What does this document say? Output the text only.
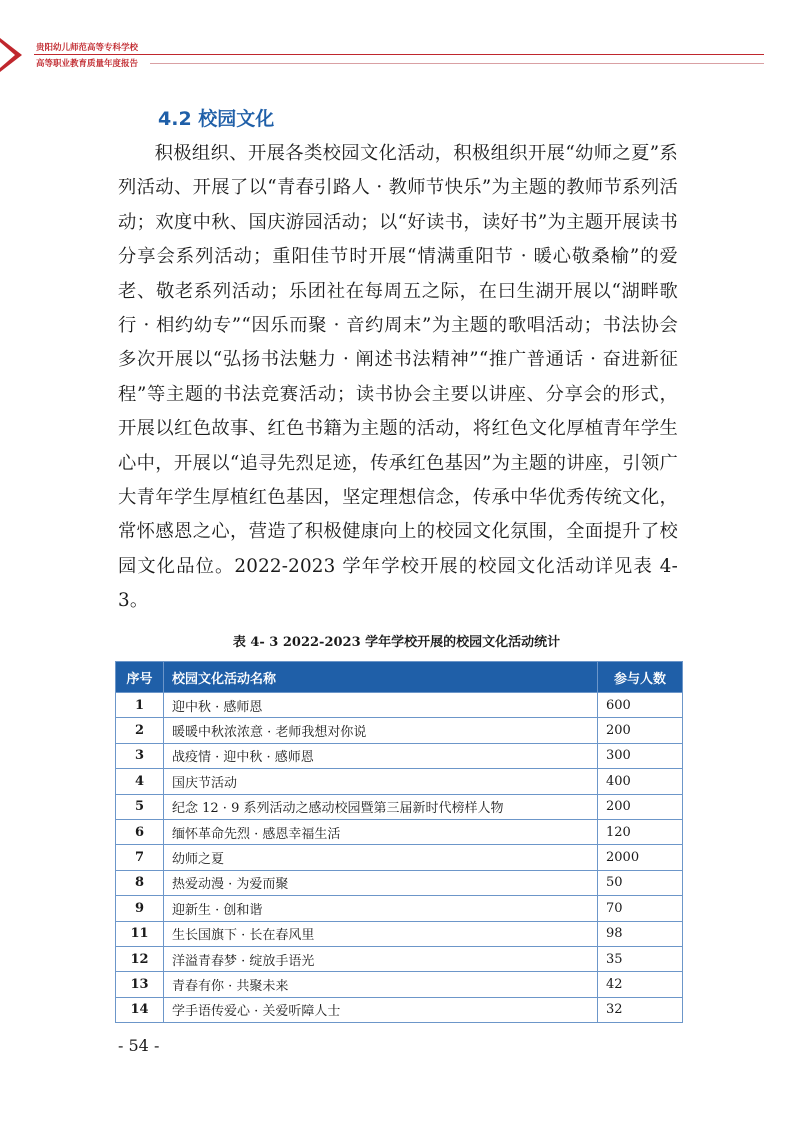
贵阳幼儿师范高等专科学校
高等职业教育质量年度报告
4.2 校园文化
积极组织、开展各类校园文化活动，积极组织开展“幼师之夏”系列活动、开展了以“青春引路人 · 教师节快乐”为主题的教师节系列活动；欢度中秋、国庆游园活动；以“好读书，读好书”为主题开展读书分享会系列活动；重阳佳节时开展“情满重阳节 · 暖心敬桑榆”的爱老、敬老系列活动；乐团社在每周五之际，在曰生湖开展以“湖畔歌行 · 相约幼专”“因乐而聚 · 音约周末”为主题的歌唱活动；书法协会多次开展以“弘扬书法魅力 · 阐述书法精神”“推广普通话 · 奋进新征程”等主题的书法竞赛活动；读书协会主要以讲座、分享会的形式，开展以红色故事、红色书籍为主题的活动，将红色文化厚植青年学生心中，开展以“追寻先烈足迹，传承红色基因”为主题的讲座，引领广大青年学生厚植红色基因，坚定理想信念，传承中华优秀传统文化，常怀感恩之心，营造了积极健康向上的校园文化氛围，全面提升了校园文化品位。2022-2023 学年学校开展的校园文化活动详见表 4-3。
表 4- 3 2022-2023 学年学校开展的校园文化活动统计
序号	校园文化活动名称	参与人数
1	迎中秋 · 感师恩	600
2	暖暖中秋浓浓意 · 老师我想对你说	200
3	战疫情 · 迎中秋 · 感师恩	300
4	国庆节活动	400
5	纪念 12 · 9 系列活动之感动校园暨第三届新时代榜样人物	200
6	缅怀革命先烈 · 感恩幸福生活	120
7	幼师之夏	2000
8	热爱动漫 · 为爱而聚	50
9	迎新生 · 创和谐	70
11	生长国旗下 · 长在春风里	98
12	洋溢青春梦 · 绽放手语光	35
13	青春有你 · 共聚未来	42
14	学手语传爱心 · 关爱听障人士	32
- 54 -
